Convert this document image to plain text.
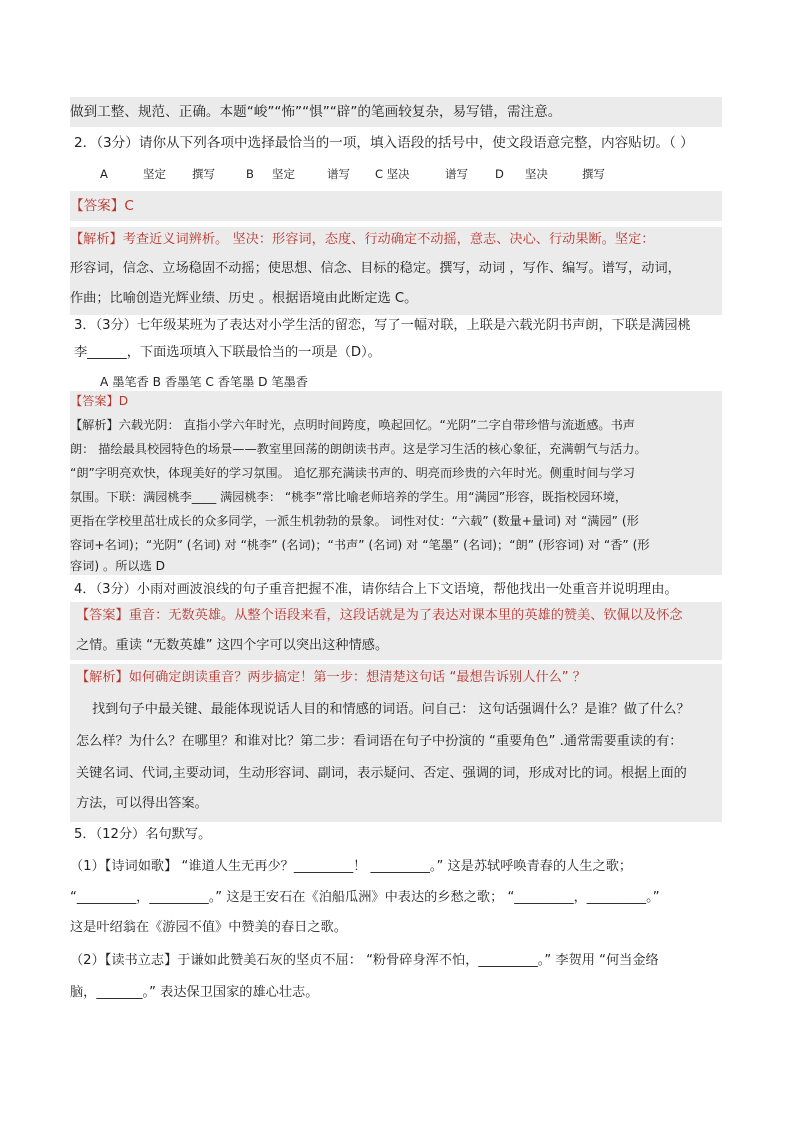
做到工整、规范、正确。本题“峻”“怖”“惧”“辟”的笔画较复杂，易写错，需注意。
2．（3分）请你从下列各项中选择最恰当的一项，填入语段的括号中，使文段语意完整，内容贴切。（ ）
A	坚定 撰写	B 坚定	谱写 C 坚决	谱写 D 坚决	撰写
【答案】C
【解析】考查近义词辨析。 坚决：形容词，态度、行动确定不动摇，意志、决心、行动果断。坚定：
形容词，信念、立场稳固不动摇；使思想、信念、目标的稳定。撰写，动词 ，写作、编写。谱写，动词，
作曲；比喻创造光辉业绩、历史 。根据语境由此断定选 C。
3．（3分）七年级某班为了表达对小学生活的留恋，写了一幅对联，上联是六载光阴书声朗，下联是满园桃
李______，下面选项填入下联最恰当的一项是（D）。
A 墨笔香 B 香墨笔 C 香笔墨 D 笔墨香
【答案】D
【解析】六载光阴： 直指小学六年时光，点明时间跨度，唤起回忆。“光阴”二字自带珍惜与流逝感。书声
朗： 描绘最具校园特色的场景——教室里回荡的朗朗读书声。这是学习生活的核心象征，充满朝气与活力。
“朗”字明亮欢快，体现美好的学习氛围。 追忆那充满读书声的、明亮而珍贵的六年时光。侧重时间与学习
氛围。下联：满园桃李____ 满园桃李： “桃李”常比喻老师培养的学生。用“满园”形容，既指校园环境，
更指在学校里茁壮成长的众多同学，一派生机勃勃的景象。 词性对仗：“六载” (数量+量词) 对 “满园” (形
容词+名词)；“光阴” (名词) 对 “桃李” (名词)；“书声” (名词) 对 “笔墨” (名词)；“朗” (形容词) 对 “香” (形
容词) 。所以选 D
4．（3分）小雨对画波浪线的句子重音把握不准，请你结合上下文语境，帮他找出一处重音并说明理由。
【答案】重音：无数英雄。从整个语段来看，这段话就是为了表达对课本里的英雄的赞美、钦佩以及怀念
之情。重读 “无数英雄” 这四个字可以突出这种情感。
【解析】如何确定朗读重音？两步搞定！第一步：想清楚这句话 “最想告诉别人什么” ？
找到句子中最关键、最能体现说话人目的和情感的词语。问自己： 这句话强调什么？是谁？做了什么？
怎么样？为什么？在哪里？和谁对比？第二步：看词语在句子中扮演的 “重要角色” .通常需要重读的有：
关键名词、代词,主要动词，生动形容词、副词，表示疑问、否定、强调的词，形成对比的词。根据上面的
方法，可以得出答案。
5．（12分）名句默写。
（1）【诗词如歌】 “谁道人生无再少？_________！ _________。” 这是苏轼呼唤青春的人生之歌；
“_________，_________。” 这是王安石在《泊船瓜洲》中表达的乡愁之歌； “_________，_________。”
这是叶绍翁在《游园不值》中赞美的春日之歌。
（2）【读书立志】于谦如此赞美石灰的坚贞不屈： “粉骨碎身浑不怕，_________。” 李贺用 “何当金络
脑，_______。” 表达保卫国家的雄心壮志。
